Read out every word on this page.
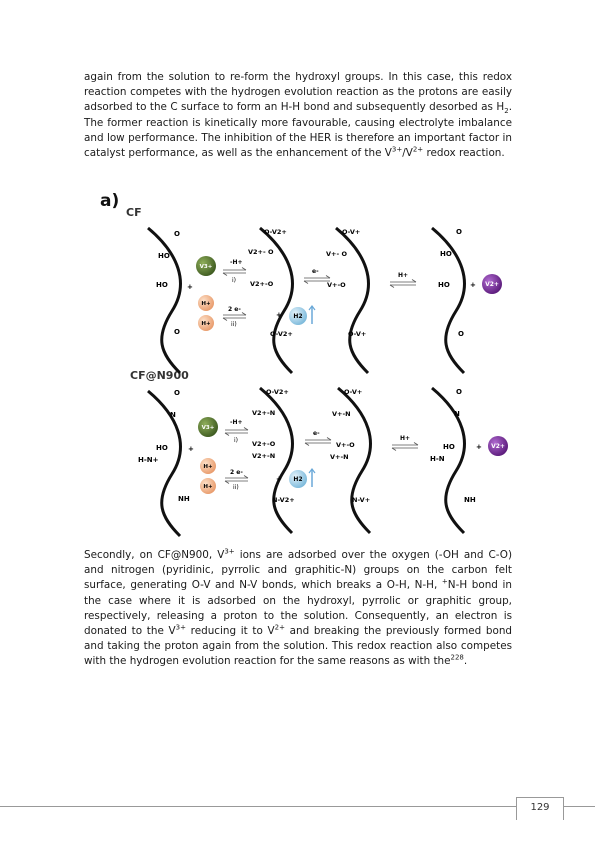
again from the solution to re-form the hydroxyl groups. In this case, this redox reaction competes with the hydrogen evolution reaction as the protons are easily adsorbed to the C surface to form an H-H bond and subsequently desorbed as $H_2$. The former reaction is kinetically more favourable, causing electrolyte imbalance and low performance. The inhibition of the HER is therefore an important factor in catalyst performance, as well as the enhancement of the $V^{3+}/V^{2+}$ redox reaction.

a)
CF
CF@N900
O
HO
HO
O
V3+
+
H+
H+
-H+
i)
2 e-
ii)
O-V2+
V2+- O
V2+-O
O-V2+
+ H2
e-
O-V+
V+- O
V+-O
O-V+
H+
O
HO
HO
O
+ V2+
O
N
HO
H-N+
NH
V3+
+
H+
H+
-H+
i)
2 e-
ii)
O-V2+
V2+-N
V2+-O
V2+-N
N-V2+
+ H2
e-
O-V+
V+-N
V+-O
V+-N
N-V+
H+
O
N
HO
H-N
NH
+ V2+

Secondly, on CF@N900, $V^{3+}$ ions are adsorbed over the oxygen (-OH and C-O) and nitrogen (pyridinic, pyrrolic and graphitic-N) groups on the carbon felt surface, generating O-V and N-V bonds, which breaks a O-H, N-H, +N-H bond in the case where it is adsorbed on the hydroxyl, pyrrolic or graphitic group, respectively, releasing a proton to the solution. Consequently, an electron is donated to the $V^{3+}$ reducing it to $V^{2+}$ and breaking the previously formed bond and taking the proton again from the solution. This redox reaction also competes with the hydrogen evolution reaction for the same reasons as with the$^{228}$.

129
